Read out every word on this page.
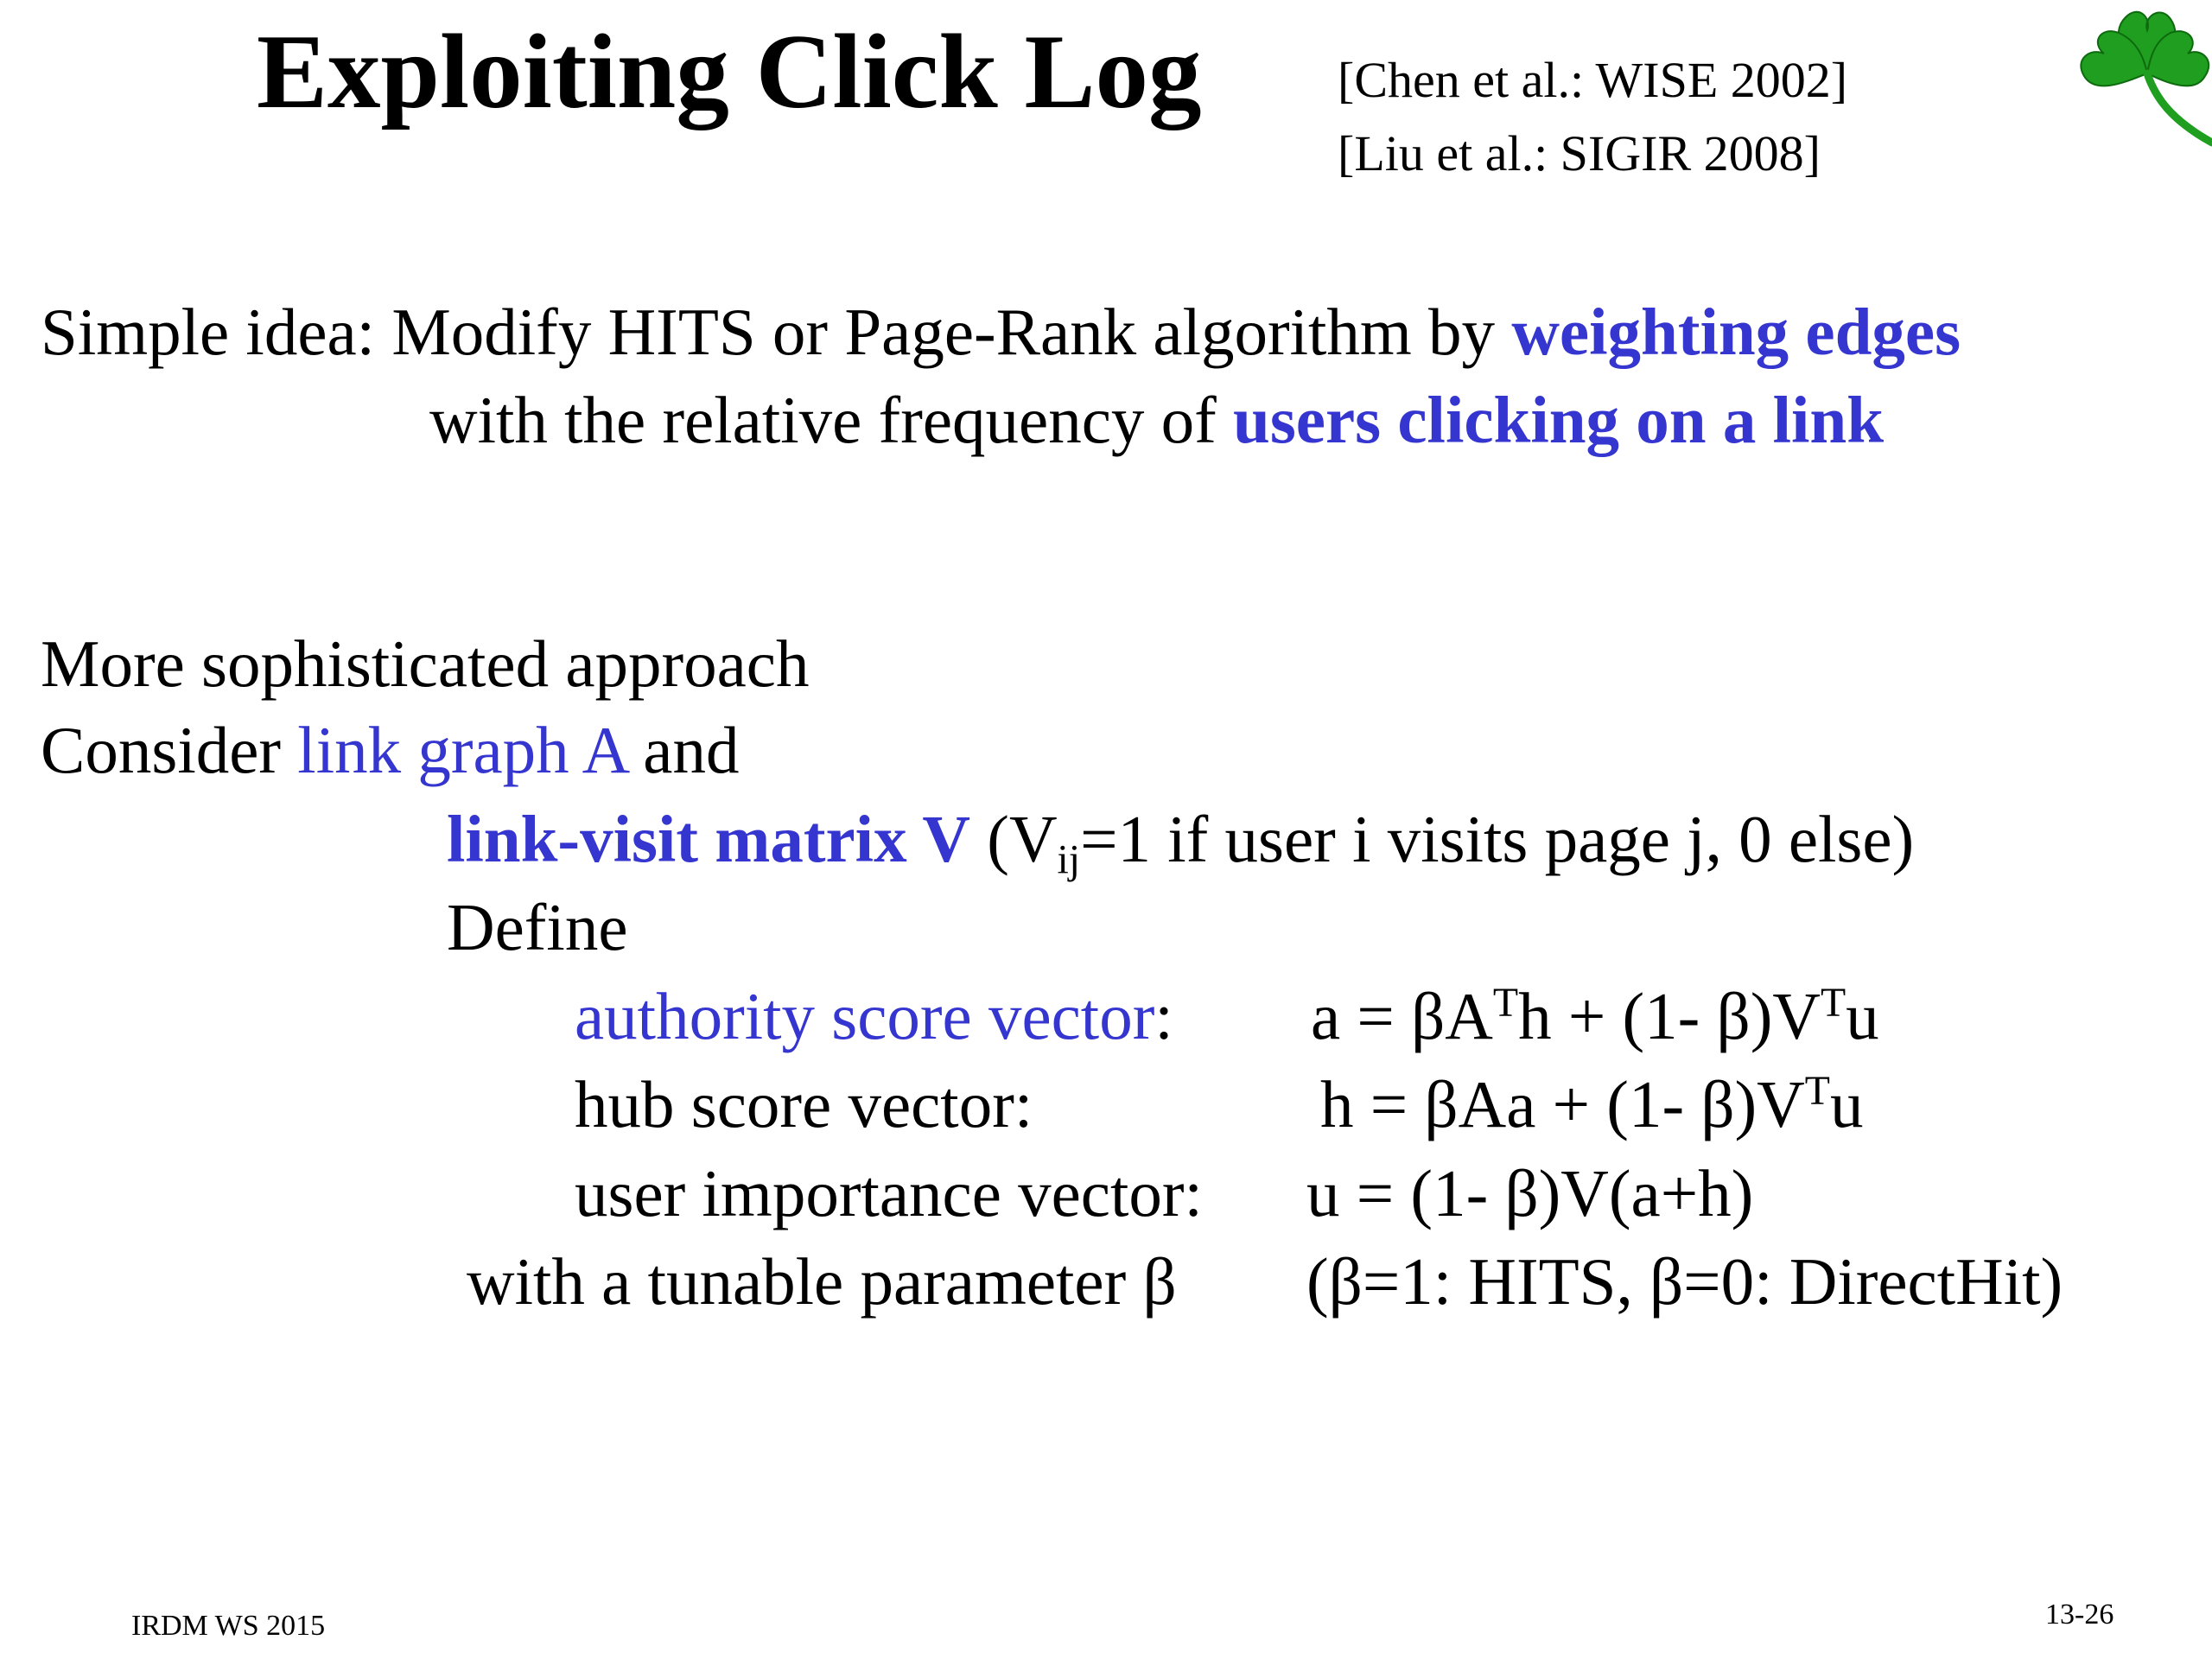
Exploiting Click Log	[Chen et al.: WISE 2002]
[Liu et al.: SIGIR 2008]
Simple idea: Modify HITS or Page-Rank algorithm by weighting edges
with the relative frequency of users clicking on a link
More sophisticated approach
Consider link graph A and
link-visit matrix V ($V_{ij}=1$ if user i visits page j, 0 else)
Define
authority score vector: $a = \beta A^Th + (1-$ $\beta)V^Tu$
hub score vector:	h = βAa + (1- $\beta)V^Tu$
user importance vector: u = (1- β)V(a+h)
with a tunable parameter β (β=1: HITS, β=0: DirectHit)
IRDM WS 2015	13-26
